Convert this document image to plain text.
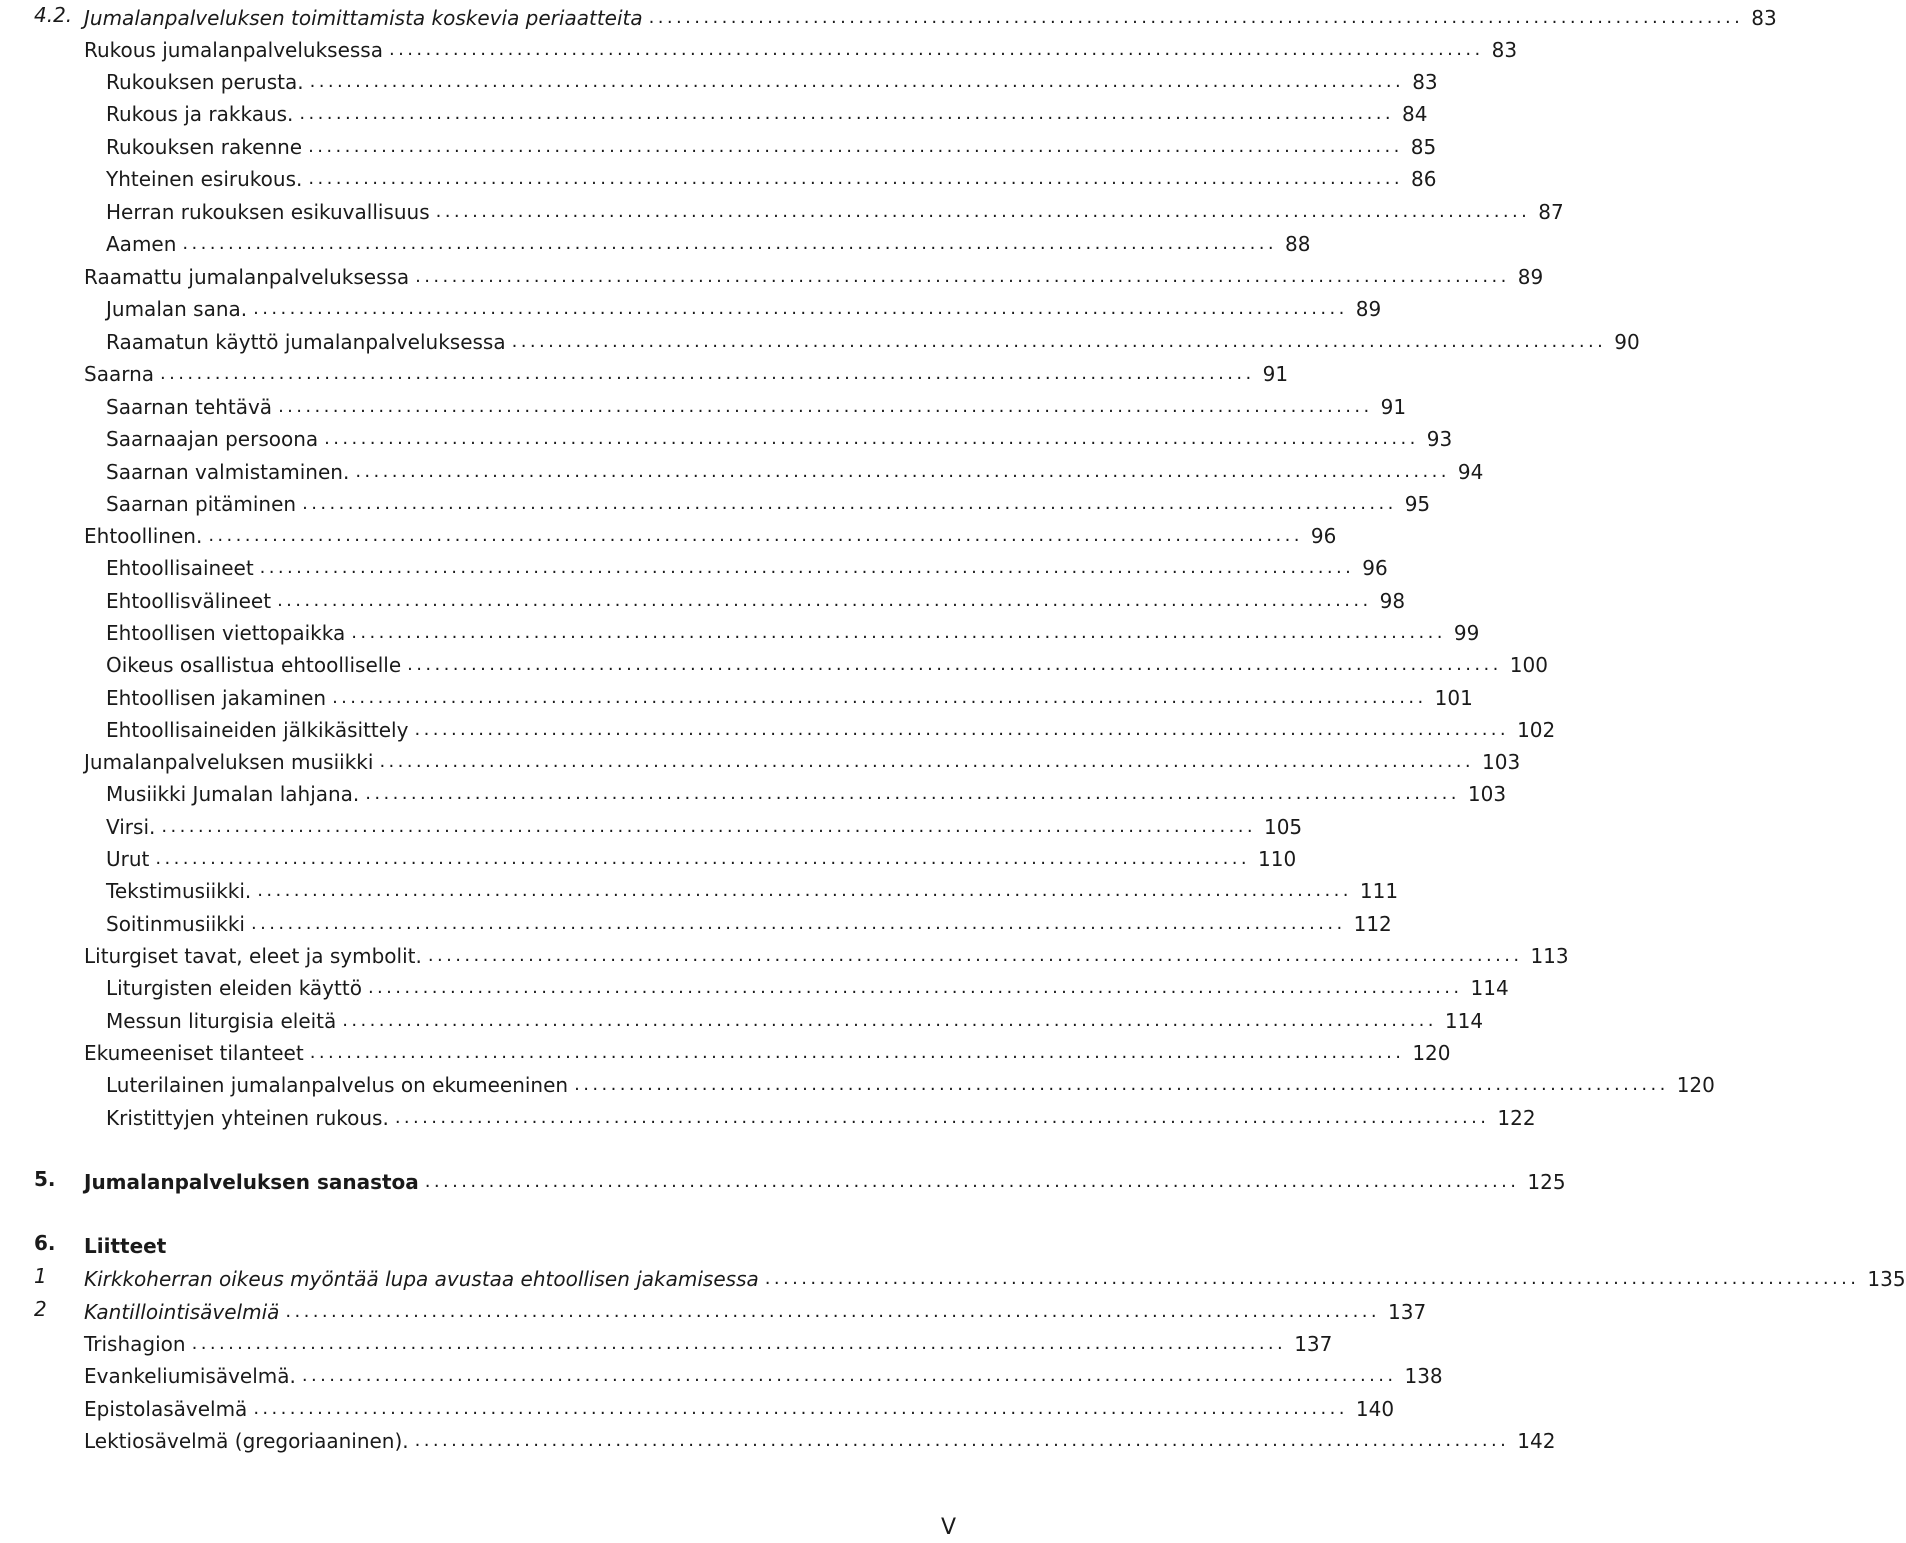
4.2. Jumalanpalveluksen toimittamista koskevia periaatteita ........................................................................................................................ 83
Rukous jumalanpalveluksessa ........................................................................................................................ 83
Rukouksen perusta. ........................................................................................................................ 83
Rukous ja rakkaus. ........................................................................................................................ 84
Rukouksen rakenne ........................................................................................................................ 85
Yhteinen esirukous. ........................................................................................................................ 86
Herran rukouksen esikuvallisuus ........................................................................................................................ 87
Aamen ........................................................................................................................ 88
Raamattu jumalanpalveluksessa ........................................................................................................................ 89
Jumalan sana. ........................................................................................................................ 89
Raamatun käyttö jumalanpalveluksessa ........................................................................................................................ 90
Saarna ........................................................................................................................ 91
Saarnan tehtävä ........................................................................................................................ 91
Saarnaajan persoona ........................................................................................................................ 93
Saarnan valmistaminen. ........................................................................................................................ 94
Saarnan pitäminen ........................................................................................................................ 95
Ehtoollinen. ........................................................................................................................ 96
Ehtoollisaineet ........................................................................................................................ 96
Ehtoollisvälineet ........................................................................................................................ 98
Ehtoollisen viettopaikka ........................................................................................................................ 99
Oikeus osallistua ehtoolliselle ........................................................................................................................ 100
Ehtoollisen jakaminen ........................................................................................................................ 101
Ehtoollisaineiden jälkikäsittely ........................................................................................................................ 102
Jumalanpalveluksen musiikki ........................................................................................................................ 103
Musiikki Jumalan lahjana. ........................................................................................................................ 103
Virsi. ........................................................................................................................ 105
Urut ........................................................................................................................ 110
Tekstimusiikki. ........................................................................................................................ 111
Soitinmusiikki ........................................................................................................................ 112
Liturgiset tavat, eleet ja symbolit. ........................................................................................................................ 113
Liturgisten eleiden käyttö ........................................................................................................................ 114
Messun liturgisia eleitä ........................................................................................................................ 114
Ekumeeniset tilanteet ........................................................................................................................ 120
Luterilainen jumalanpalvelus on ekumeeninen ........................................................................................................................ 120
Kristittyjen yhteinen rukous. ........................................................................................................................ 122
5. Jumalanpalveluksen sanastoa ........................................................................................................................ 125
6. Liitteet
1 Kirkkoherran oikeus myöntää lupa avustaa ehtoollisen jakamisessa ........................................................................................................................ 135
2 Kantillointisävelmiä ........................................................................................................................ 137
Trishagion ........................................................................................................................ 137
Evankeliumisävelmä. ........................................................................................................................ 138
Epistolasävelmä ........................................................................................................................ 140
Lektiosävelmä (gregoriaaninen). ........................................................................................................................ 142
V
